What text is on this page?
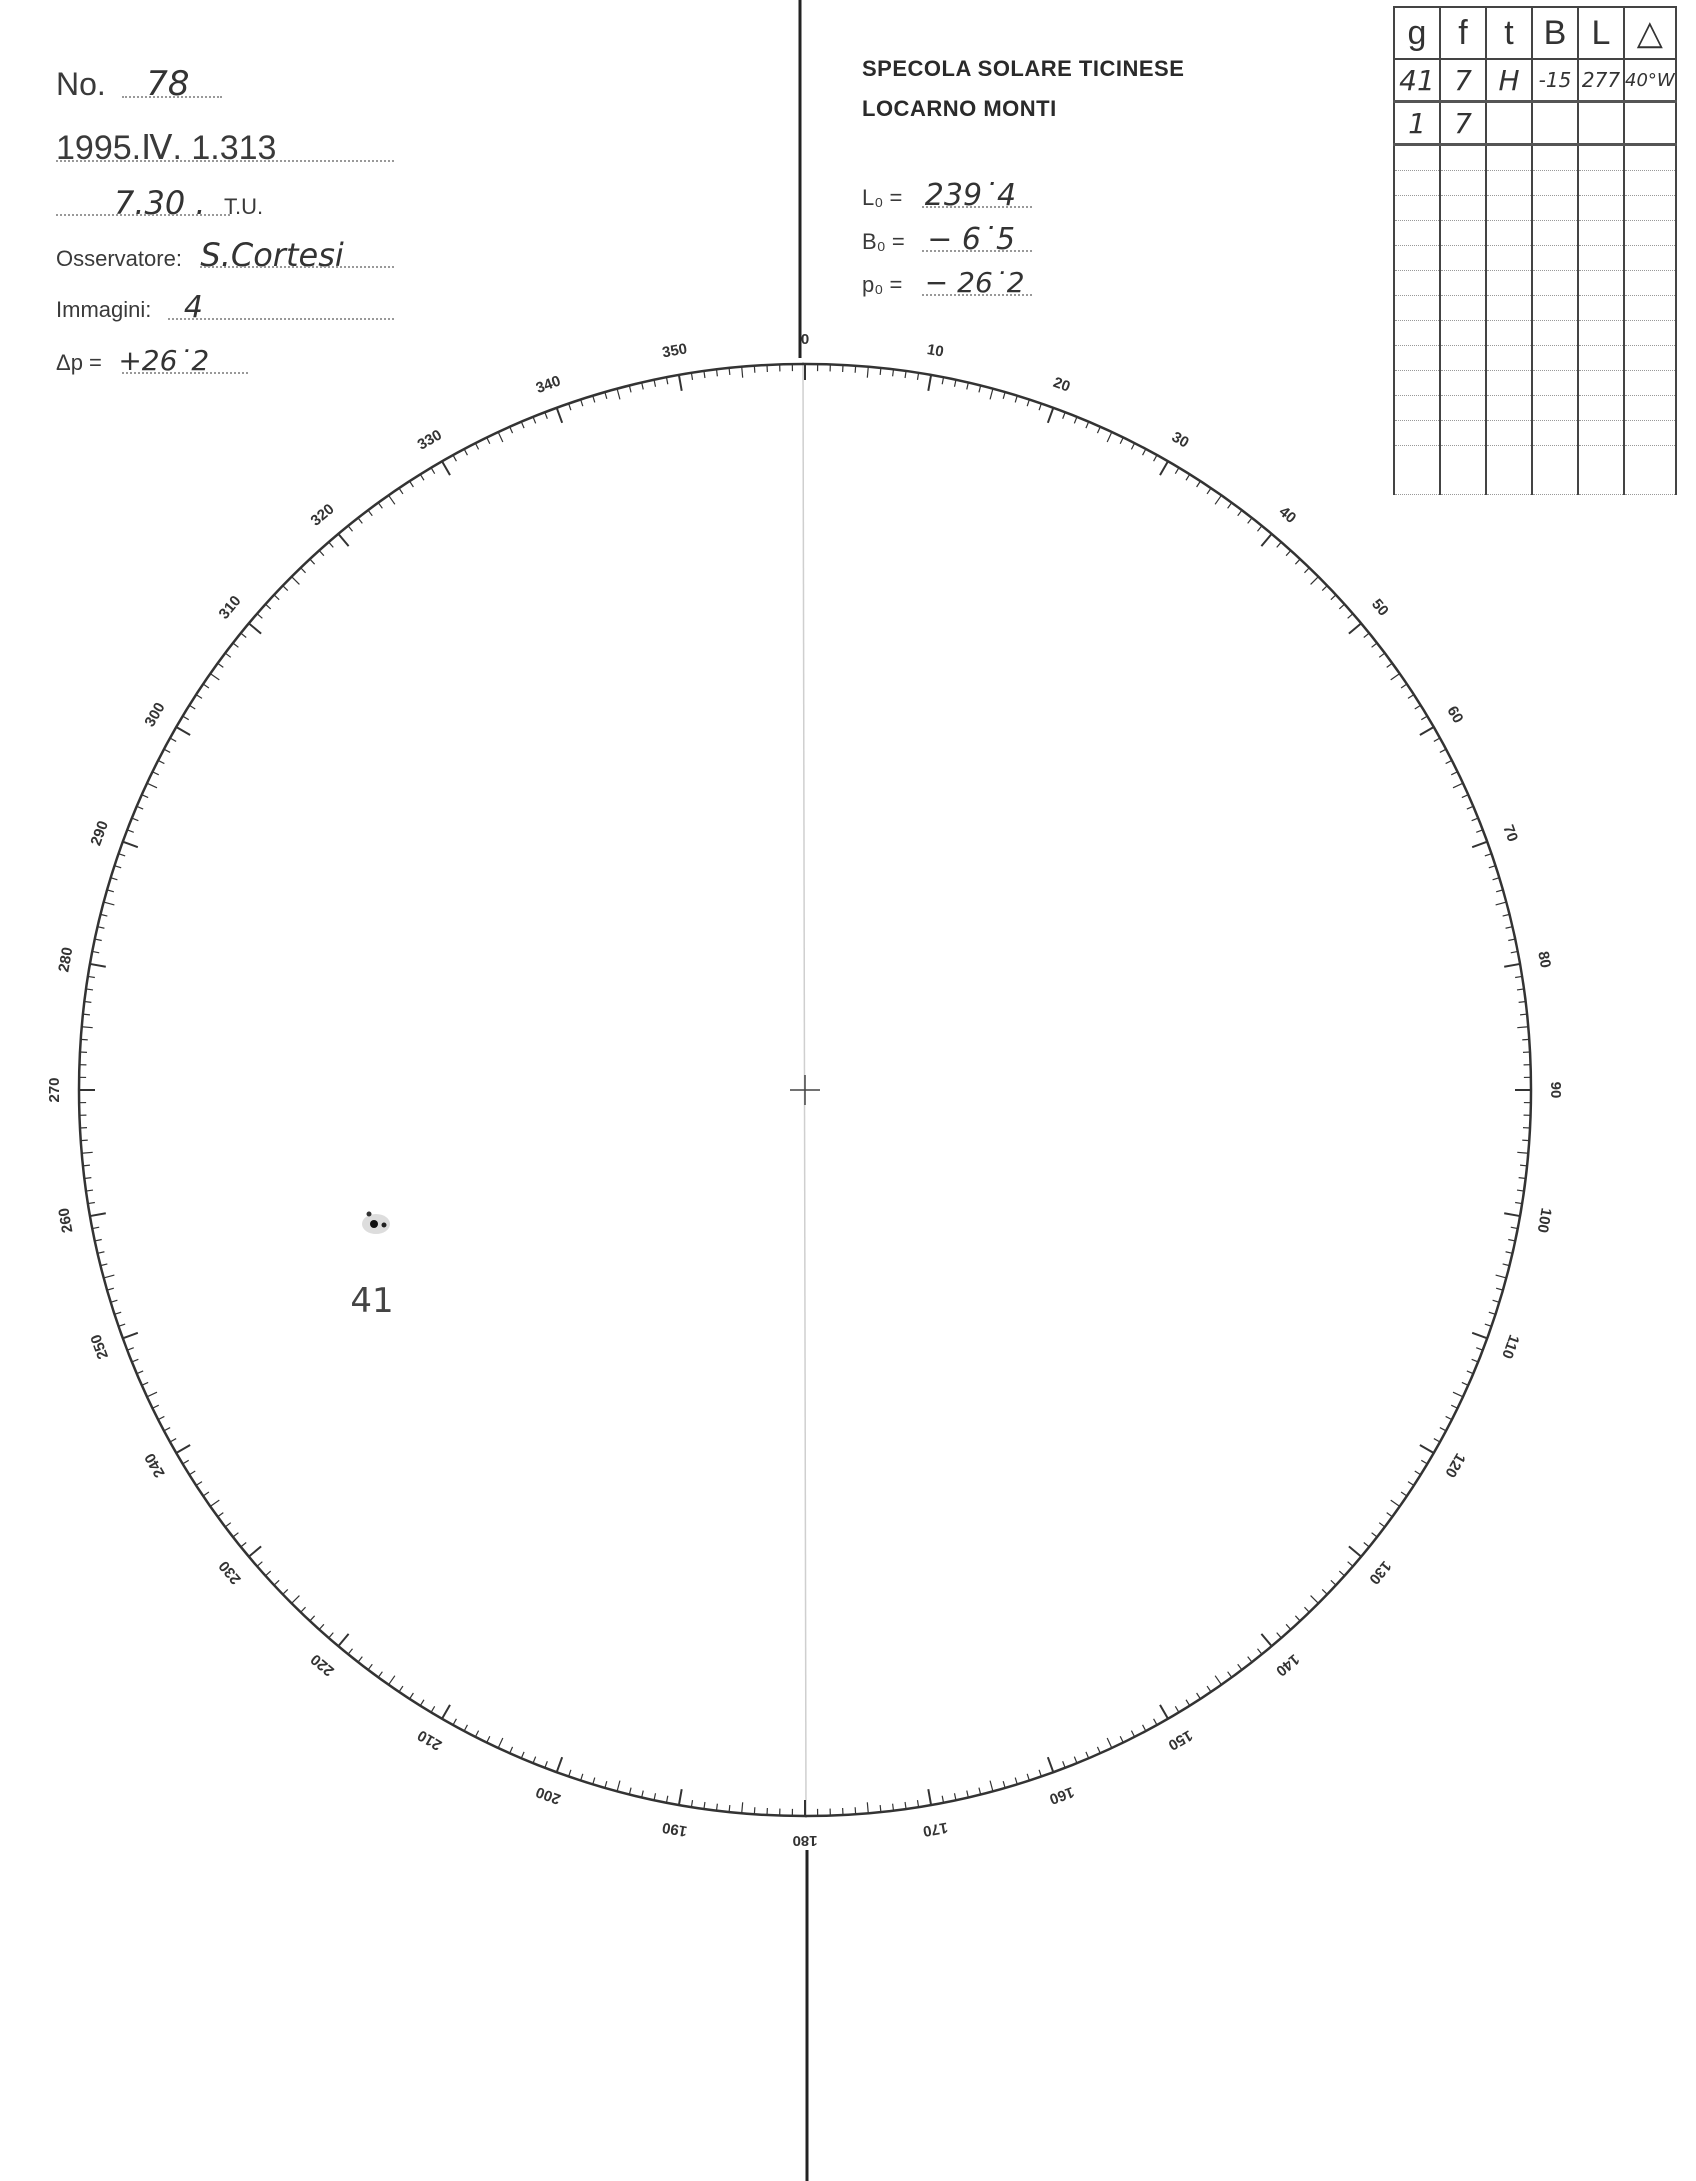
0
10
20
30
40
50
60
70
80
90
100
110
120
130
140
150
160
170
180
190
200
210
220
230
240
250
260
270
280
290
300
310
320
330
340
350
41
No. 78
1995.Ⅳ. 1.313
7.30 . T.U.
Osservatore: S.Cortesi
Immagini: 4
Δp = +26˙2
SPECOLA SOLARE TICINESE
LOCARNO MONTI
L₀ = 239˙4
B₀ = − 6˙5
p₀ = − 26˙2
g	f	t	B	L	△
41	7	H	-15	277	40°W
1	7				
